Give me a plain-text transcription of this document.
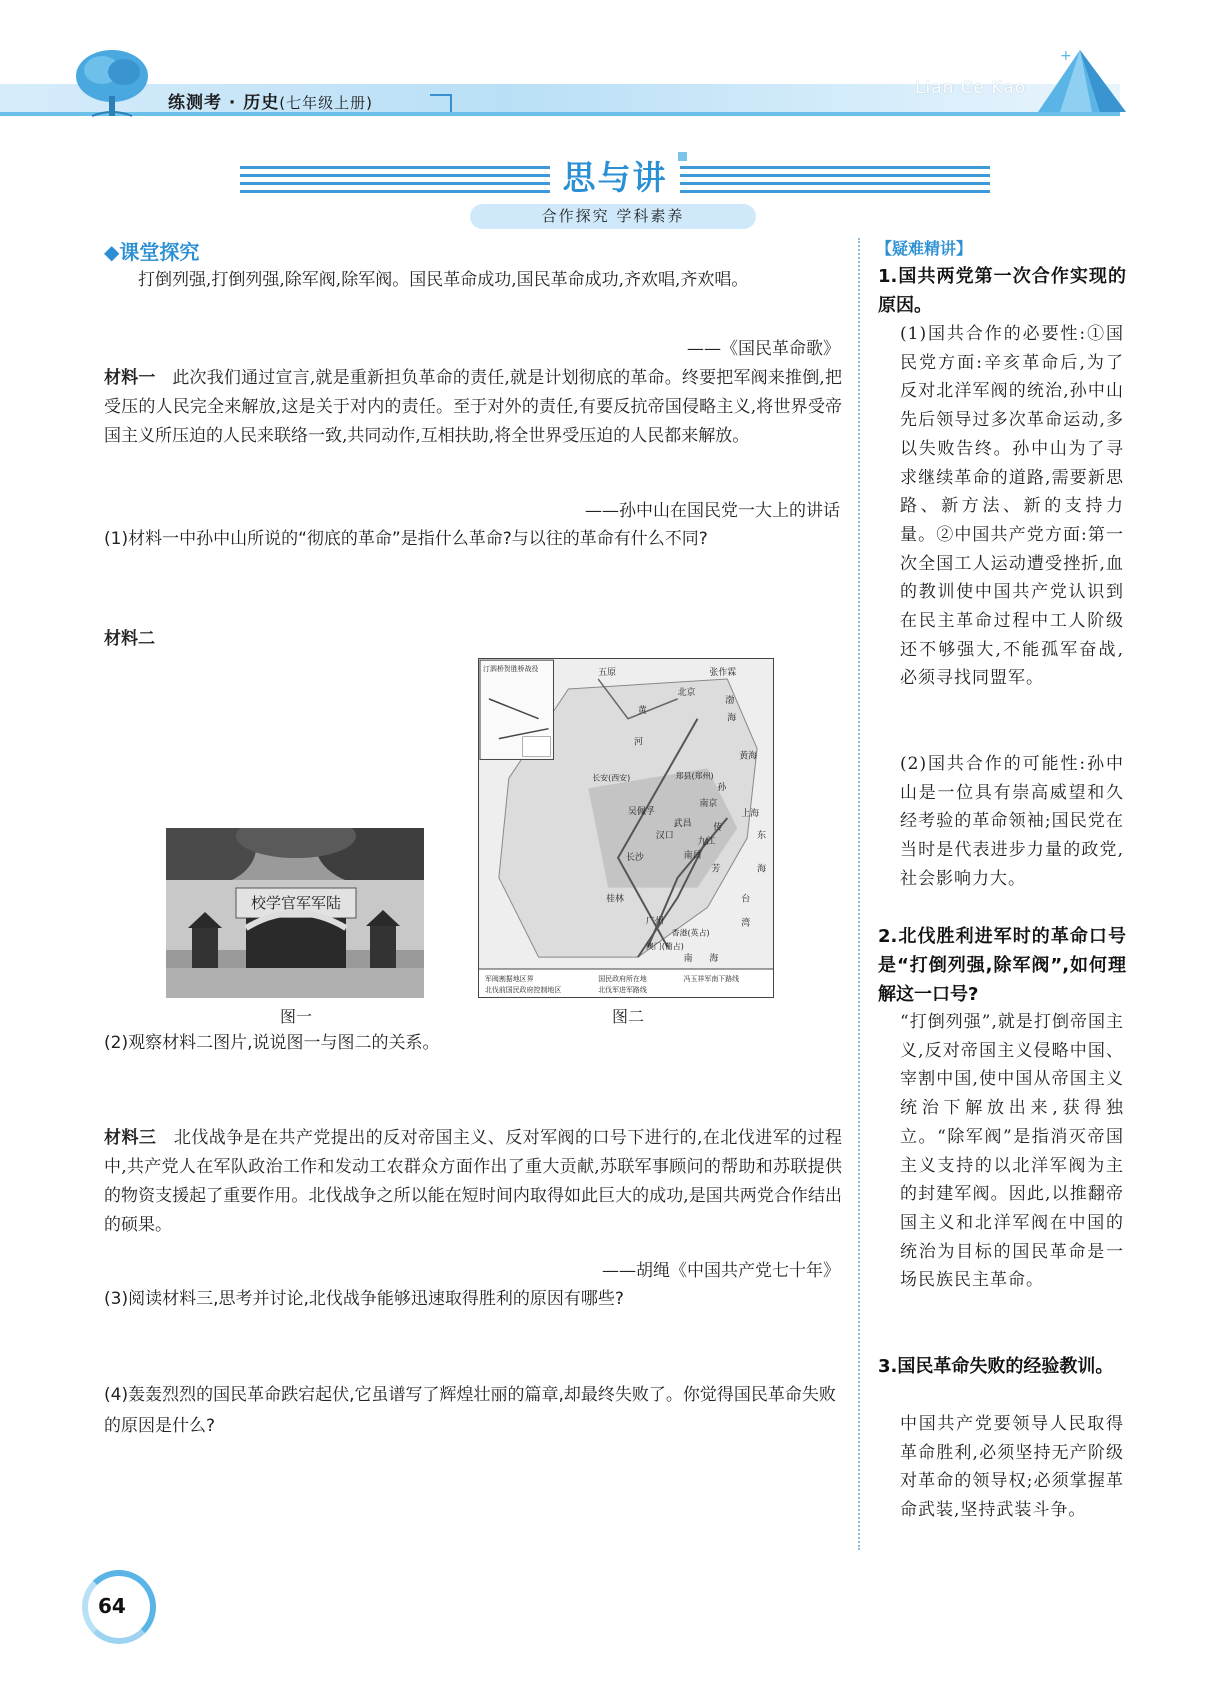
练测考 · 历史(七年级上册)
Lian Ce Kao
+
思与讲
合作探究 学科素养
◆课堂探究
打倒列强,打倒列强,除军阀,除军阀。国民革命成功,国民革命成功,齐欢唱,齐欢唱。
——《国民革命歌》
材料一 此次我们通过宣言,就是重新担负革命的责任,就是计划彻底的革命。终要把军阀来推倒,把受压的人民完全来解放,这是关于对内的责任。至于对外的责任,有要反抗帝国侵略主义,将世界受帝国主义所压迫的人民来联络一致,共同动作,互相扶助,将全世界受压迫的人民都来解放。
——孙中山在国民党一大上的讲话
(1)材料一中孙中山所说的“彻底的革命”是指什么革命?与以往的革命有什么不同?
材料二
校学官军军陆
图一
汀泗桥贺胜桥战役	五原	张作霖
北京
渤
海
黄
河
黄海
长安(西安)	郑县(郑州)
孙
南京
吴佩孚
武昌
汉口
上海
九江
传
南昌
东
海
芳
长沙
桂林	台
湾
广州
香港(英占)
澳门(葡占)
南 海
军阀割据地区界
北伐前国民政府控制地区
国民政府所在地
北伐军进军路线
冯玉祥军南下路线
图二
(2)观察材料二图片,说说图一与图二的关系。
材料三 北伐战争是在共产党提出的反对帝国主义、反对军阀的口号下进行的,在北伐进军的过程中,共产党人在军队政治工作和发动工农群众方面作出了重大贡献,苏联军事顾问的帮助和苏联提供的物资支援起了重要作用。北伐战争之所以能在短时间内取得如此巨大的成功,是国共两党合作结出的硕果。
——胡绳《中国共产党七十年》
(3)阅读材料三,思考并讨论,北伐战争能够迅速取得胜利的原因有哪些?
(4)轰轰烈烈的国民革命跌宕起伏,它虽谱写了辉煌壮丽的篇章,却最终失败了。你觉得国民革命失败的原因是什么?
【疑难精讲】
1.国共两党第一次合作实现的原因。
(1)国共合作的必要性:①国民党方面:辛亥革命后,为了反对北洋军阀的统治,孙中山先后领导过多次革命运动,多以失败告终。孙中山为了寻求继续革命的道路,需要新思路、新方法、新的支持力量。②中国共产党方面:第一次全国工人运动遭受挫折,血的教训使中国共产党认识到在民主革命过程中工人阶级还不够强大,不能孤军奋战,必须寻找同盟军。
(2)国共合作的可能性:孙中山是一位具有崇高威望和久经考验的革命领袖;国民党在当时是代表进步力量的政党,社会影响力大。
2.北伐胜利进军时的革命口号是“打倒列强,除军阀”,如何理解这一口号?
“打倒列强”,就是打倒帝国主义,反对帝国主义侵略中国、宰割中国,使中国从帝国主义统治下解放出来,获得独立。“除军阀”是指消灭帝国主义支持的以北洋军阀为主的封建军阀。因此,以推翻帝国主义和北洋军阀在中国的统治为目标的国民革命是一场民族民主革命。
3.国民革命失败的经验教训。
中国共产党要领导人民取得革命胜利,必须坚持无产阶级对革命的领导权;必须掌握革命武装,坚持武装斗争。
64
